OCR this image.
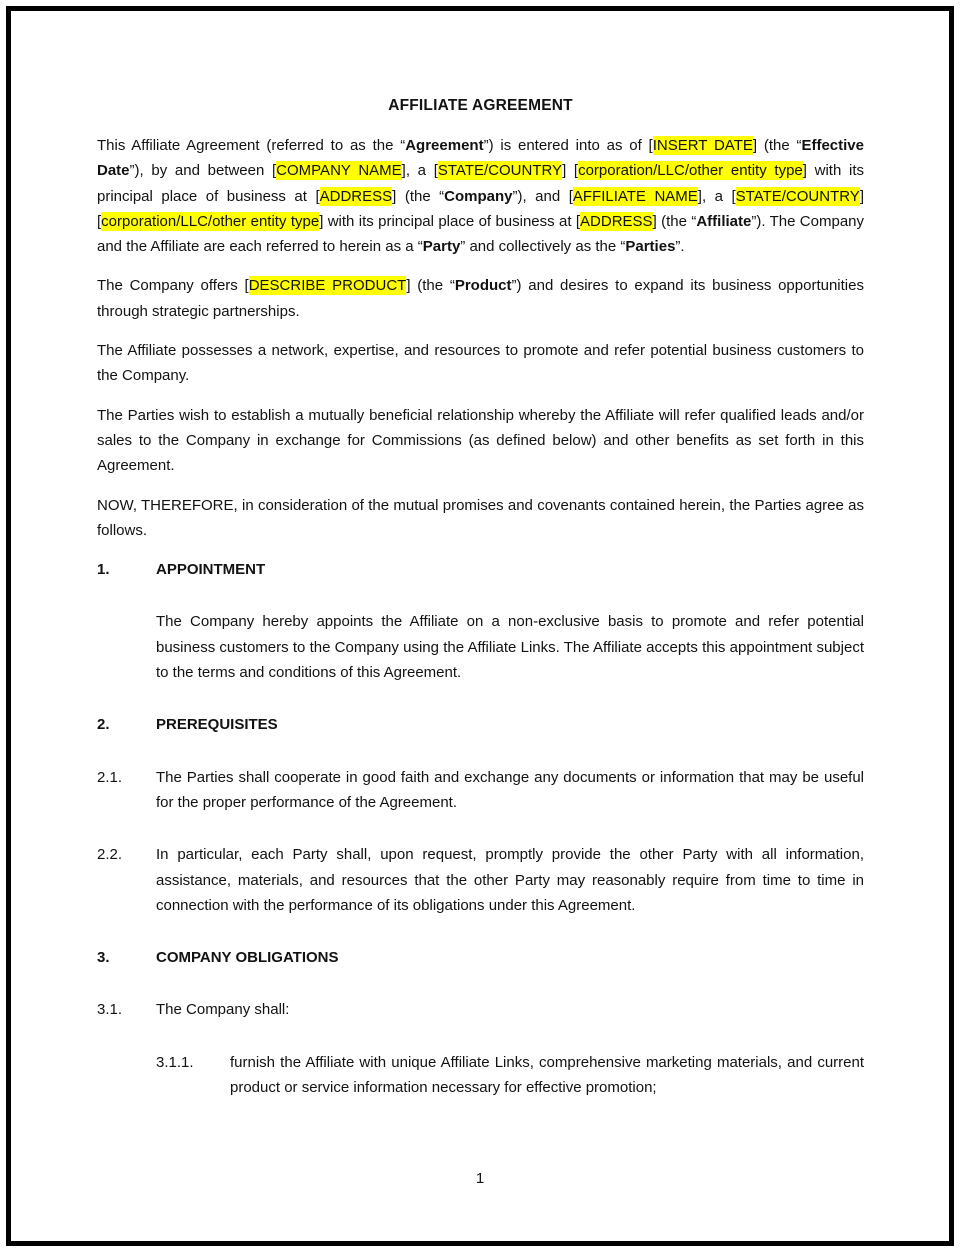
AFFILIATE AGREEMENT
This Affiliate Agreement (referred to as the “Agreement”) is entered into as of [INSERT DATE] (the “Effective Date”), by and between [COMPANY NAME], a [STATE/COUNTRY] [corporation/LLC/other entity type] with its principal place of business at [ADDRESS] (the “Company”), and [AFFILIATE NAME], a [STATE/COUNTRY] [corporation/LLC/other entity type] with its principal place of business at [ADDRESS] (the “Affiliate”). The Company and the Affiliate are each referred to herein as a “Party” and collectively as the “Parties”.
The Company offers [DESCRIBE PRODUCT] (the “Product”) and desires to expand its business opportunities through strategic partnerships.
The Affiliate possesses a network, expertise, and resources to promote and refer potential business customers to the Company.
The Parties wish to establish a mutually beneficial relationship whereby the Affiliate will refer qualified leads and/or sales to the Company in exchange for Commissions (as defined below) and other benefits as set forth in this Agreement.
NOW, THEREFORE, in consideration of the mutual promises and covenants contained herein, the Parties agree as follows.
1.	APPOINTMENT
The Company hereby appoints the Affiliate on a non-exclusive basis to promote and refer potential business customers to the Company using the Affiliate Links. The Affiliate accepts this appointment subject to the terms and conditions of this Agreement.
2.	PREREQUISITES
2.1. The Parties shall cooperate in good faith and exchange any documents or information that may be useful for the proper performance of the Agreement.
2.2. In particular, each Party shall, upon request, promptly provide the other Party with all information, assistance, materials, and resources that the other Party may reasonably require from time to time in connection with the performance of its obligations under this Agreement.
3.	COMPANY OBLIGATIONS
3.1. The Company shall:
3.1.1. furnish the Affiliate with unique Affiliate Links, comprehensive marketing materials, and current product or service information necessary for effective promotion;
1
